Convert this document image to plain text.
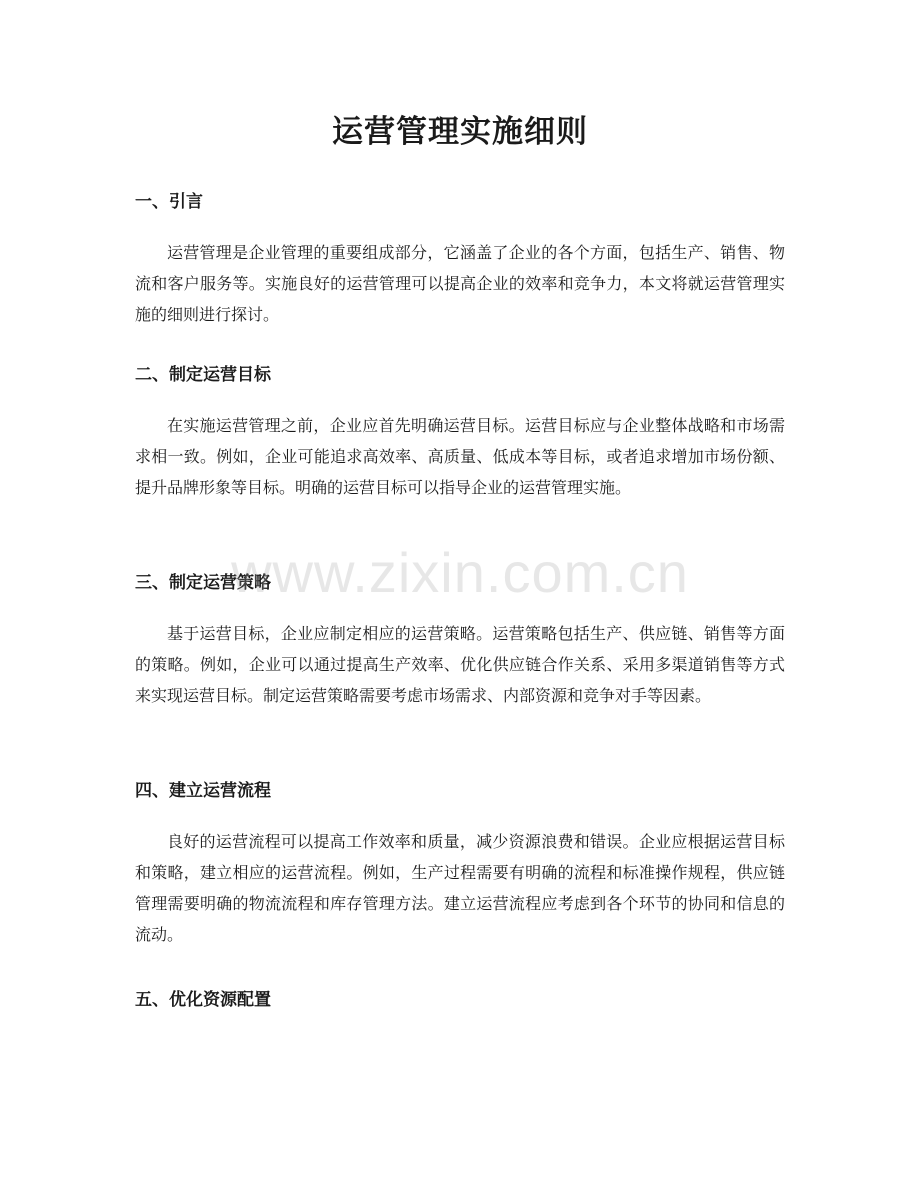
运营管理实施细则
一、引言

运营管理是企业管理的重要组成部分，它涵盖了企业的各个方面，包括生产、销售、物流和客户服务等。实施良好的运营管理可以提高企业的效率和竞争力，本文将就运营管理实施的细则进行探讨。

二、制定运营目标

在实施运营管理之前，企业应首先明确运营目标。运营目标应与企业整体战略和市场需求相一致。例如，企业可能追求高效率、高质量、低成本等目标，或者追求增加市场份额、提升品牌形象等目标。明确的运营目标可以指导企业的运营管理实施。

三、制定运营策略

基于运营目标，企业应制定相应的运营策略。运营策略包括生产、供应链、销售等方面的策略。例如，企业可以通过提高生产效率、优化供应链合作关系、采用多渠道销售等方式来实现运营目标。制定运营策略需要考虑市场需求、内部资源和竞争对手等因素。

四、建立运营流程

良好的运营流程可以提高工作效率和质量，减少资源浪费和错误。企业应根据运营目标和策略，建立相应的运营流程。例如，生产过程需要有明确的流程和标准操作规程，供应链管理需要明确的物流流程和库存管理方法。建立运营流程应考虑到各个环节的协同和信息的流动。

五、优化资源配置
www.zixin.com.cn
